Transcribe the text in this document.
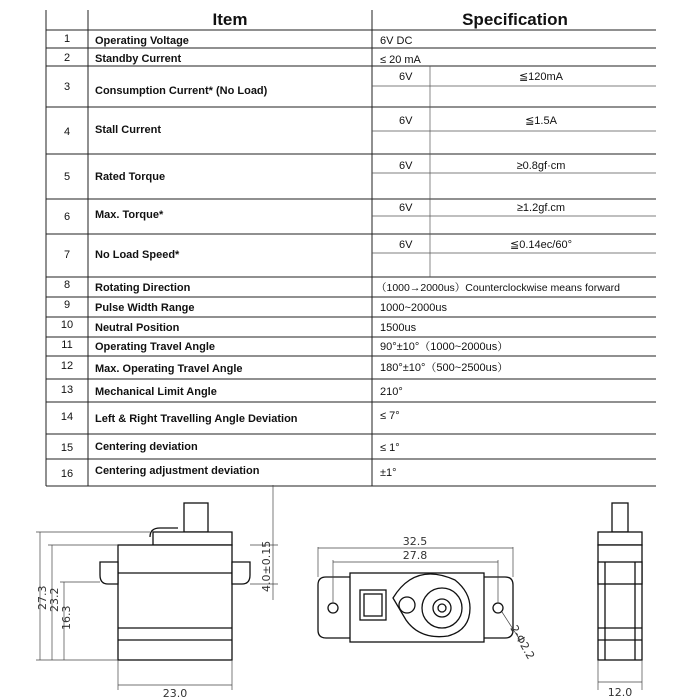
Item	Specification
1 Operating Voltage	6V DC
2 Standby Current	≤ 20 mA
3 Consumption Current* (No Load)
6V	≦120mA
4 Stall Current
6V	≦1.5A
5 Rated Torque
6V	≥0.8gf·cm
6 Max. Torque*
6V	≥1.2gf.cm
7 No Load Speed*
6V	≦0.14ec/60°
8 Rotating Direction	（1000→2000us）Counterclockwise means forward
9 Pulse Width Range	1000~2000us
10 Neutral Position	1500us
11 Operating Travel Angle	90°±10°（1000~2000us）
12 Max. Operating Travel Angle	180°±10°（500~2500us）
13 Mechanical Limit Angle	210°
14 Left & Right Travelling Angle Deviation	≤ 7°
15 Centering deviation	≤ 1°
16 Centering adjustment deviation	±1°
27.3 23.2
16.3
4.0±0.15
23.0
32.5
27.8
2-Φ2.2
12.0
